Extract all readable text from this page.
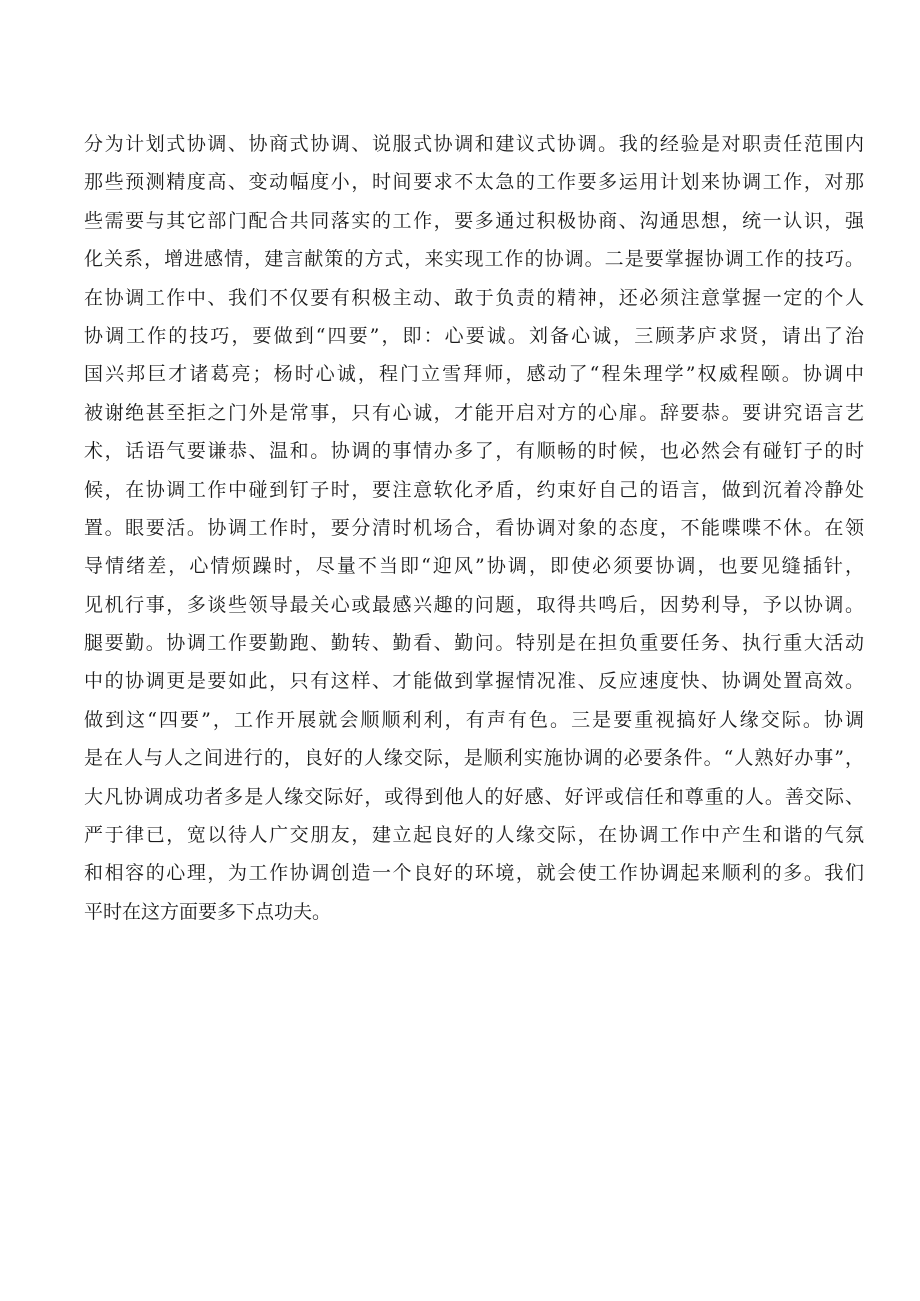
分为计划式协调、协商式协调、说服式协调和建议式协调。我的经验是对职责任范围内
那些预测精度高、变动幅度小，时间要求不太急的工作要多运用计划来协调工作，对那
些需要与其它部门配合共同落实的工作，要多通过积极协商、沟通思想，统一认识，强
化关系，增进感情，建言献策的方式，来实现工作的协调。二是要掌握协调工作的技巧。
在协调工作中、我们不仅要有积极主动、敢于负责的精神，还必须注意掌握一定的个人
协调工作的技巧，要做到“四要”，即：心要诚。刘备心诚，三顾茅庐求贤，请出了治
国兴邦巨才诸葛亮；杨时心诚，程门立雪拜师，感动了“程朱理学”权威程颐。协调中
被谢绝甚至拒之门外是常事，只有心诚，才能开启对方的心扉。辞要恭。要讲究语言艺
术，话语气要谦恭、温和。协调的事情办多了，有顺畅的时候，也必然会有碰钉子的时
候，在协调工作中碰到钉子时，要注意软化矛盾，约束好自己的语言，做到沉着冷静处
置。眼要活。协调工作时，要分清时机场合，看协调对象的态度，不能喋喋不休。在领
导情绪差，心情烦躁时，尽量不当即“迎风”协调，即使必须要协调，也要见缝插针，
见机行事，多谈些领导最关心或最感兴趣的问题，取得共鸣后，因势利导，予以协调。
腿要勤。协调工作要勤跑、勤转、勤看、勤问。特别是在担负重要任务、执行重大活动
中的协调更是要如此，只有这样、才能做到掌握情况准、反应速度快、协调处置高效。
做到这“四要”，工作开展就会顺顺利利，有声有色。三是要重视搞好人缘交际。协调
是在人与人之间进行的，良好的人缘交际，是顺利实施协调的必要条件。“人熟好办事”，
大凡协调成功者多是人缘交际好，或得到他人的好感、好评或信任和尊重的人。善交际、
严于律已，宽以待人广交朋友，建立起良好的人缘交际，在协调工作中产生和谐的气氛
和相容的心理，为工作协调创造一个良好的环境，就会使工作协调起来顺利的多。我们
平时在这方面要多下点功夫。
